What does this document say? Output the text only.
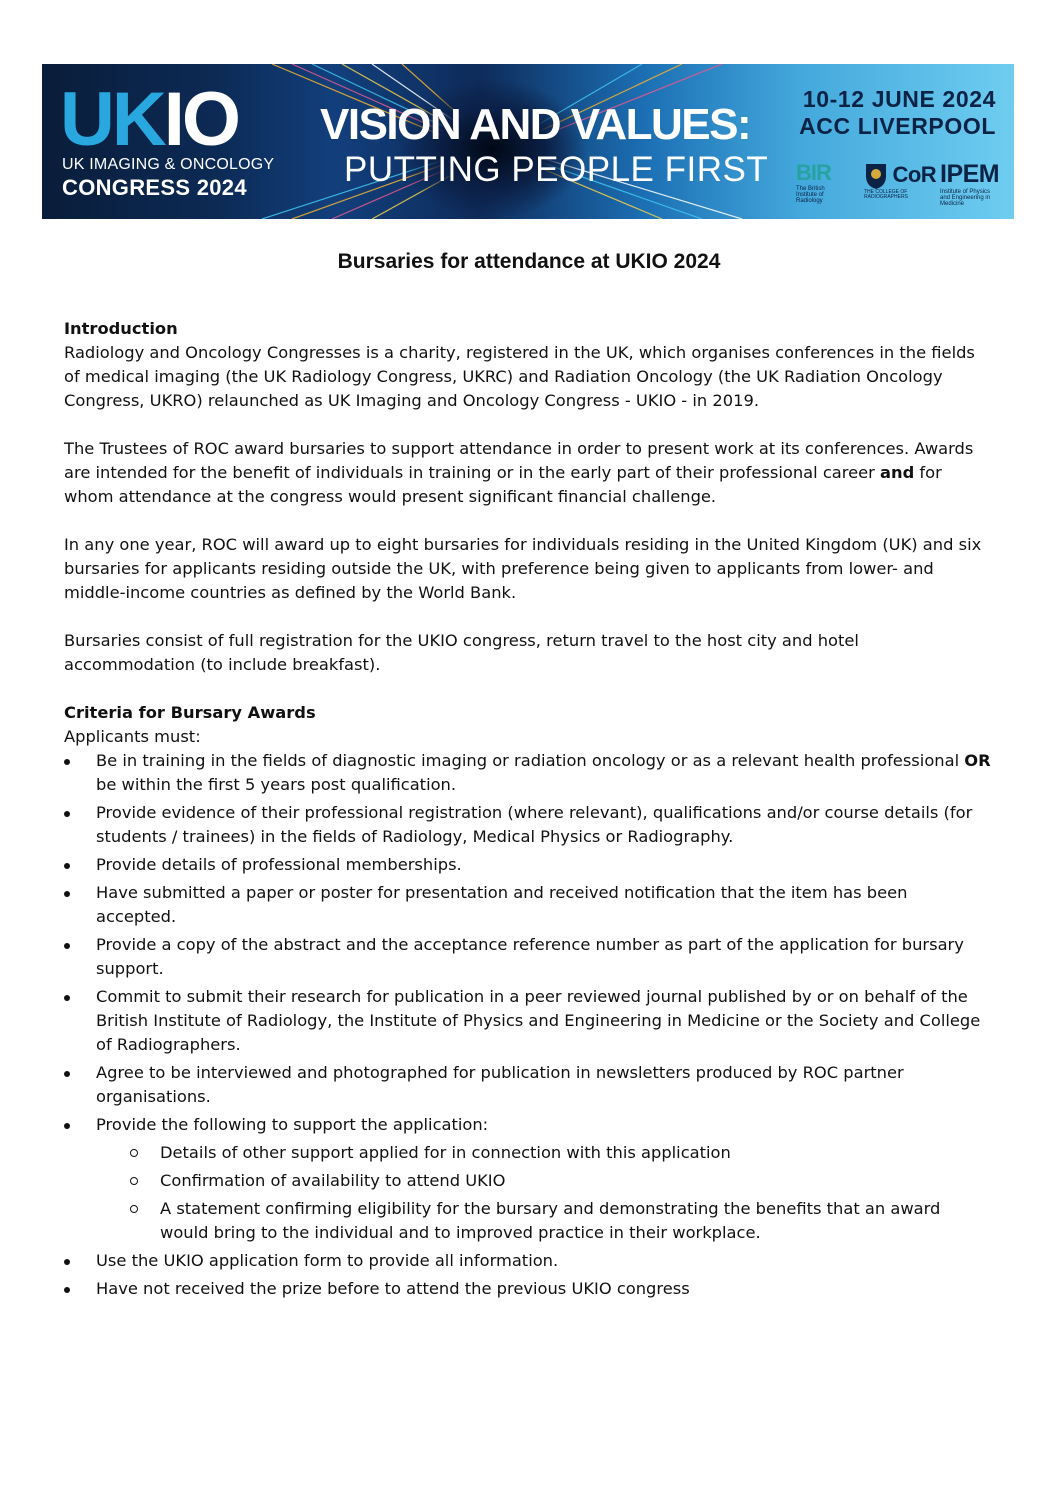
UKIO
UK IMAGING & ONCOLOGY
CONGRESS 2024
VISION AND VALUES:
PUTTING PEOPLE FIRST
10-12 JUNE 2024
ACC LIVERPOOL
BIR
The British Institute of Radiology
CoR
THE COLLEGE OF RADIOGRAPHERS
IPEM
Institute of Physics and Engineering in Medicine
Bursaries for attendance at UKIO 2024
Introduction

Radiology and Oncology Congresses is a charity, registered in the UK, which organises conferences in the fields of medical imaging (the UK Radiology Congress, UKRC) and Radiation Oncology (the UK Radiation Oncology Congress, UKRO) relaunched as UK Imaging and Oncology Congress - UKIO - in 2019.

The Trustees of ROC award bursaries to support attendance in order to present work at its conferences. Awards are intended for the benefit of individuals in training or in the early part of their professional career and for whom attendance at the congress would present significant financial challenge.

In any one year, ROC will award up to eight bursaries for individuals residing in the United Kingdom (UK) and six bursaries for applicants residing outside the UK, with preference being given to applicants from lower- and middle-income countries as defined by the World Bank.

Bursaries consist of full registration for the UKIO congress, return travel to the host city and hotel accommodation (to include breakfast).

Criteria for Bursary Awards
Applicants must:
Be in training in the fields of diagnostic imaging or radiation oncology or as a relevant health professional OR be within the first 5 years post qualification.
Provide evidence of their professional registration (where relevant), qualifications and/or course details (for students / trainees) in the fields of Radiology, Medical Physics or Radiography.
Provide details of professional memberships.
Have submitted a paper or poster for presentation and received notification that the item has been accepted.
Provide a copy of the abstract and the acceptance reference number as part of the application for bursary support.
Commit to submit their research for publication in a peer reviewed journal published by or on behalf of the British Institute of Radiology, the Institute of Physics and Engineering in Medicine or the Society and College of Radiographers.
Agree to be interviewed and photographed for publication in newsletters produced by ROC partner organisations.
Provide the following to support the application:
Details of other support applied for in connection with this application
Confirmation of availability to attend UKIO
A statement confirming eligibility for the bursary and demonstrating the benefits that an award would bring to the individual and to improved practice in their workplace.
Use the UKIO application form to provide all information.
Have not received the prize before to attend the previous UKIO congress
